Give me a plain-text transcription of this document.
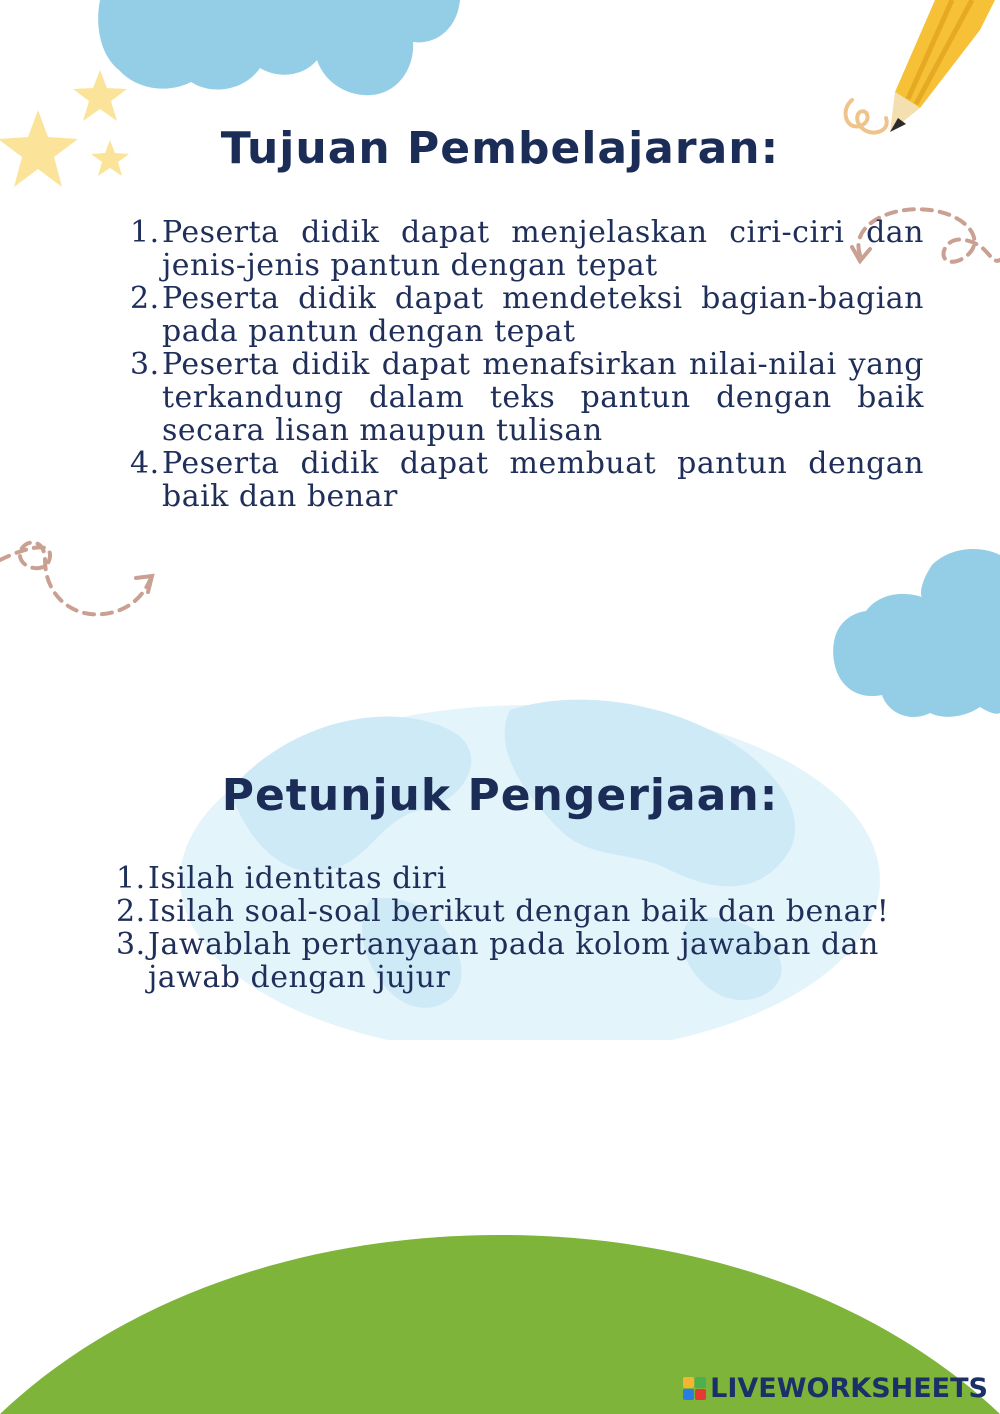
Tujuan Pembelajaran:
1. Peserta didik dapat menjelaskan ciri-ciri dan jenis-jenis pantun dengan tepat
2. Peserta didik dapat mendeteksi bagian-bagian pada pantun dengan tepat
3. Peserta didik dapat menafsirkan nilai-nilai yang terkandung dalam teks pantun dengan baik secara lisan maupun tulisan
4. Peserta didik dapat membuat pantun dengan baik dan benar
Petunjuk Pengerjaan:
1. Isilah identitas diri
2. Isilah soal-soal berikut dengan baik dan benar!
3. Jawablah pertanyaan pada kolom jawaban dan jawab dengan jujur
LIVEWORKSHEETS
